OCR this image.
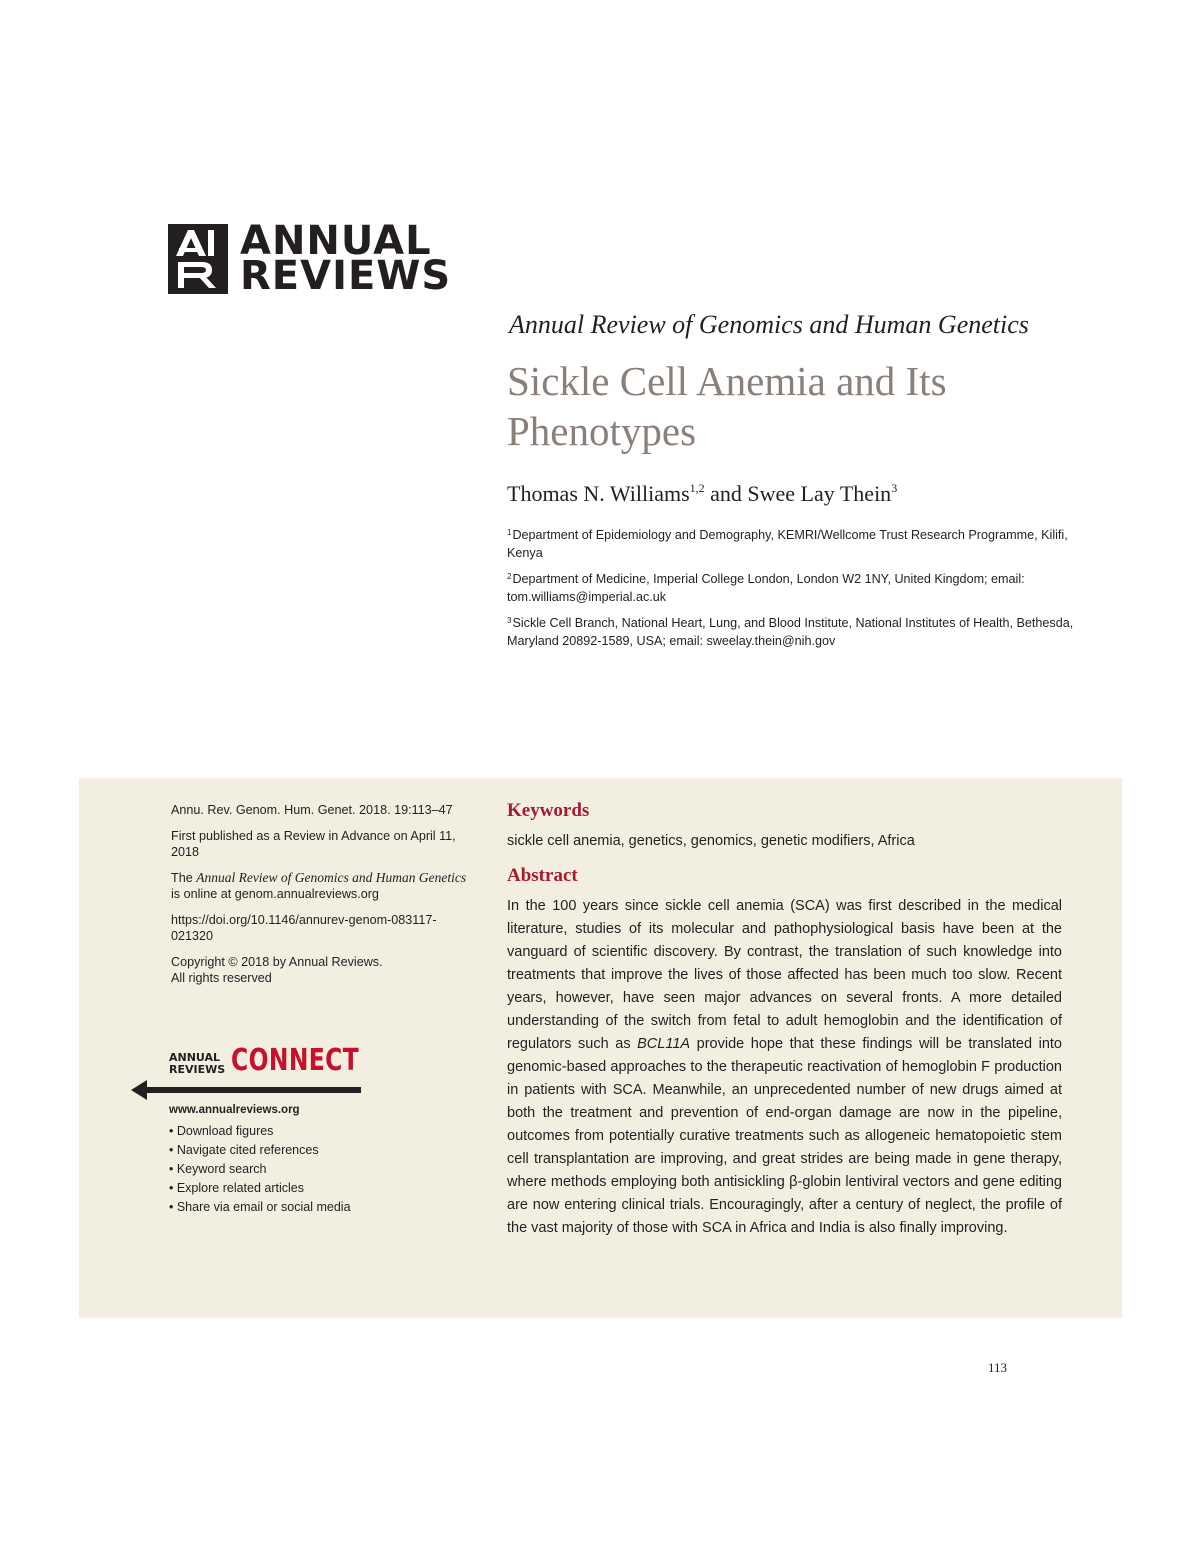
ANNUAL
REVIEWS
Annual Review of Genomics and Human Genetics
Sickle Cell Anemia and Its Phenotypes
Thomas N. Williams$^{1,2}$ and Swee Lay Thein$^3$
$^1$Department of Epidemiology and Demography, KEMRI/Wellcome Trust Research Programme, Kilifi, Kenya
$^2$Department of Medicine, Imperial College London, London W2 1NY, United Kingdom; email: tom.williams@imperial.ac.uk
$^3$Sickle Cell Branch, National Heart, Lung, and Blood Institute, National Institutes of Health, Bethesda, Maryland 20892-1589, USA; email: sweelay.thein@nih.gov

Annu. Rev. Genom. Hum. Genet. 2018. 19:113–47

First published as a Review in Advance on April 11, 2018

The Annual Review of Genomics and Human Genetics is online at genom.annualreviews.org

https://doi.org/10.1146/annurev-genom-083117-021320

Copyright © 2018 by Annual Reviews.
All rights reserved

ANNUAL
REVIEWS CONNECT
www.annualreviews.org
• Download figures
• Navigate cited references
• Keyword search
• Explore related articles
• Share via email or social media
Keywords

sickle cell anemia, genetics, genomics, genetic modifiers, Africa

Abstract

In the 100 years since sickle cell anemia (SCA) was first described in the medical literature, studies of its molecular and pathophysiological basis have been at the vanguard of scientific discovery. By contrast, the translation of such knowledge into treatments that improve the lives of those affected has been much too slow. Recent years, however, have seen major advances on several fronts. A more detailed understanding of the switch from fetal to adult hemoglobin and the identification of regulators such as BCL11A provide hope that these findings will be translated into genomic-based approaches to the therapeutic reactivation of hemoglobin F production in patients with SCA. Meanwhile, an unprecedented number of new drugs aimed at both the treatment and prevention of end-organ damage are now in the pipeline, outcomes from potentially curative treatments such as allogeneic hematopoietic stem cell transplantation are improving, and great strides are being made in gene therapy, where methods employing both antisickling β-globin lentiviral vectors and gene editing are now entering clinical trials. Encouragingly, after a century of neglect, the profile of the vast majority of those with SCA in Africa and India is also finally improving.

113
